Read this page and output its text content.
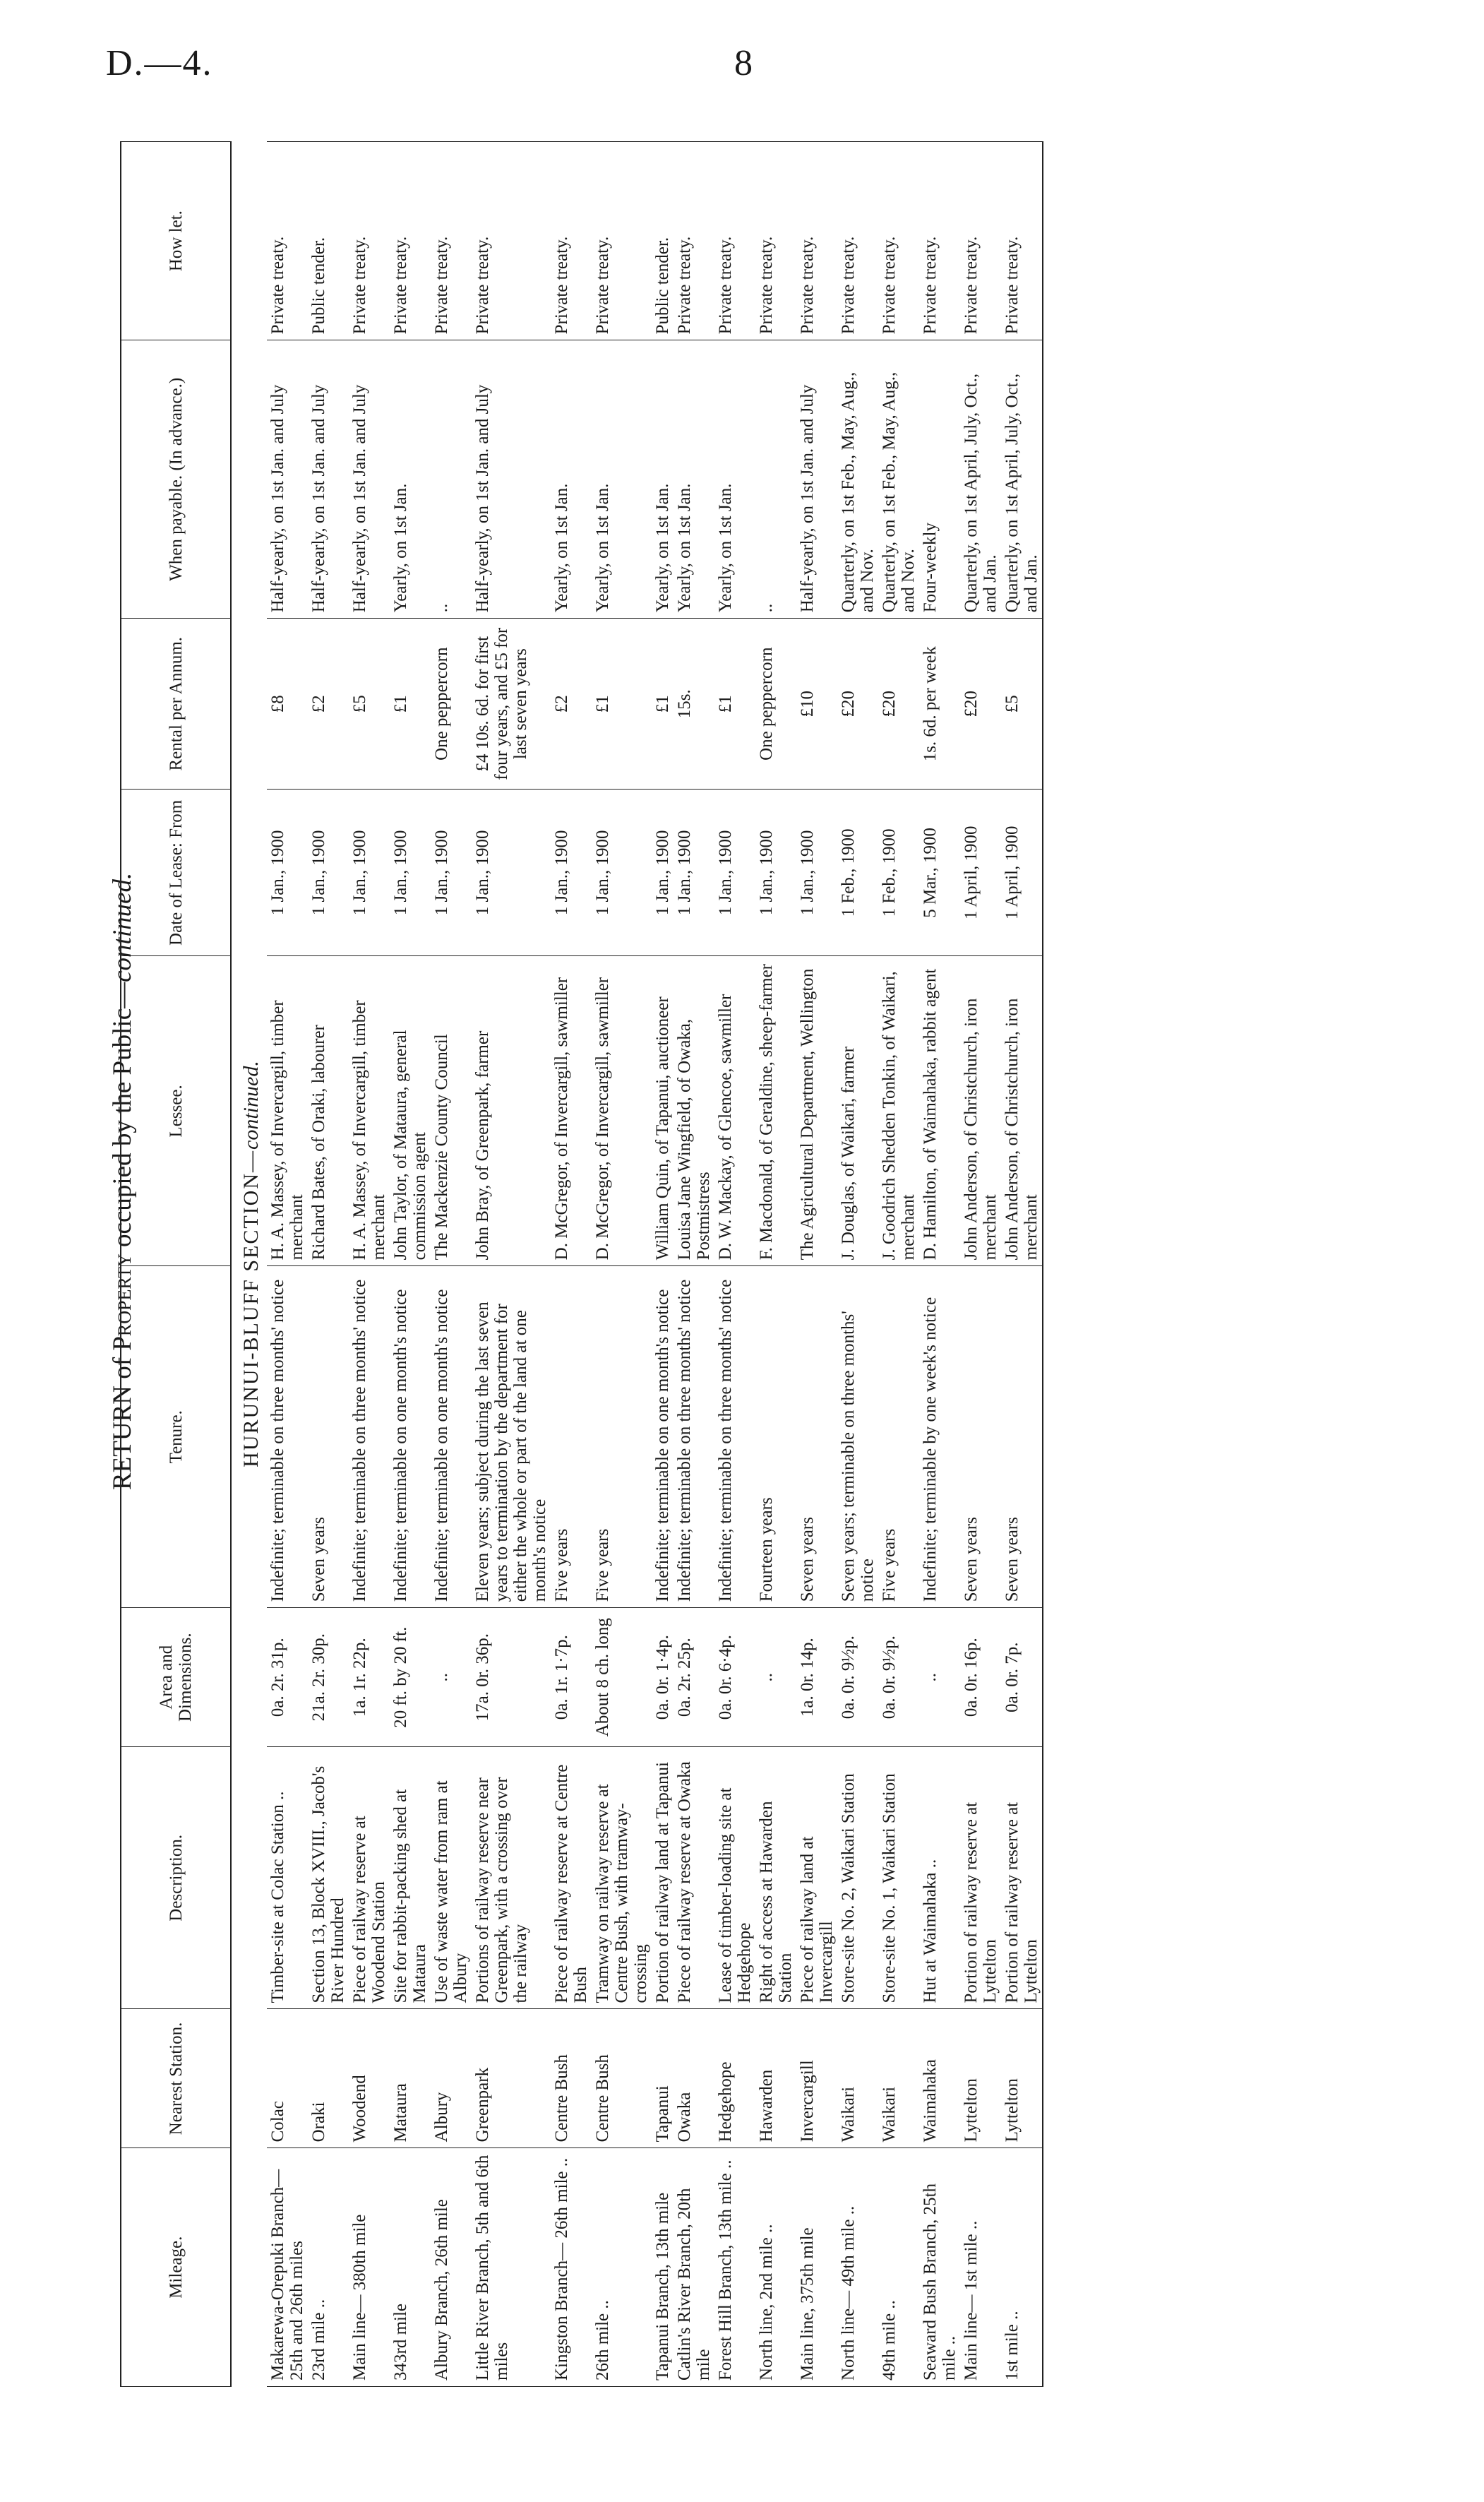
D.—4.	8
RETURN of Property occupied by the Public—continued.
Mileage.	Nearest Station.	Description.	Area and Dimensions.	Tenure.	Lessee.	Date of Lease: From	Rental per Annum.	When payable. (In advance.)	How let.
HURUNUI-BLUFF SECTION—continued.									
Makarewa-Orepuki Branch— 25th and 26th miles	Colac	Timber-site at Colac Station ..	0a. 2r. 31p.	Indefinite; terminable on three months' notice	H. A. Massey, of Invercargill, timber merchant	1 Jan., 1900	£8	Half-yearly, on 1st Jan. and July	Private treaty.
23rd mile ..	Oraki	Section 13, Block XVIII., Jacob's River Hundred	21a. 2r. 30p.	Seven years	Richard Bates, of Oraki, labourer	1 Jan., 1900	£2	Half-yearly, on 1st Jan. and July	Public tender.
Main line— 380th mile	Woodend	Piece of railway reserve at Woodend Station	1a. 1r. 22p.	Indefinite; terminable on three months' notice	H. A. Massey, of Invercargill, timber merchant	1 Jan., 1900	£5	Half-yearly, on 1st Jan. and July	Private treaty.
343rd mile	Mataura	Site for rabbit-packing shed at Mataura	20 ft. by 20 ft.	Indefinite; terminable on one month's notice	John Taylor, of Mataura, general commission agent	1 Jan., 1900	£1	Yearly, on 1st Jan.	Private treaty.
Albury Branch, 26th mile	Albury	Use of waste water from ram at Albury	..	Indefinite; terminable on one month's notice	The Mackenzie County Council	1 Jan., 1900	One peppercorn	..	Private treaty.
Little River Branch, 5th and 6th miles	Greenpark	Portions of railway reserve near Greenpark, with a crossing over the railway	17a. 0r. 36p.	Eleven years; subject during the last seven years to termination by the department for either the whole or part of the land at one month's notice	John Bray, of Greenpark, farmer	1 Jan., 1900	£4 10s. 6d. for first four years, and £5 for last seven years	Half-yearly, on 1st Jan. and July	Private treaty.
Kingston Branch— 26th mile ..	Centre Bush	Piece of railway reserve at Centre Bush	0a. 1r. 1·7p.	Five years	D. McGregor, of Invercargill, sawmiller	1 Jan., 1900	£2	Yearly, on 1st Jan.	Private treaty.
26th mile ..	Centre Bush	Tramway on railway reserve at Centre Bush, with tramway-crossing	About 8 ch. long	Five years	D. McGregor, of Invercargill, sawmiller	1 Jan., 1900	£1	Yearly, on 1st Jan.	Private treaty.
Tapanui Branch, 13th mile	Tapanui	Portion of railway land at Tapanui	0a. 0r. 1·4p.	Indefinite; terminable on one month's notice	William Quin, of Tapanui, auctioneer	1 Jan., 1900	£1	Yearly, on 1st Jan.	Public tender.
Catlin's River Branch, 20th mile	Owaka	Piece of railway reserve at Owaka	0a. 2r. 25p.	Indefinite; terminable on three months' notice	Louisa Jane Wingfield, of Owaka, Postmistress	1 Jan., 1900	15s.	Yearly, on 1st Jan.	Private treaty.
Forest Hill Branch, 13th mile ..	Hedgehope	Lease of timber-loading site at Hedgehope	0a. 0r. 6·4p.	Indefinite; terminable on three months' notice	D. W. Mackay, of Glencoe, sawmiller	1 Jan., 1900	£1	Yearly, on 1st Jan.	Private treaty.
North line, 2nd mile ..	Hawarden	Right of access at Hawarden Station	..	Fourteen years	F. Macdonald, of Geraldine, sheep-farmer	1 Jan., 1900	One peppercorn	..	Private treaty.
Main line, 375th mile	Invercargill	Piece of railway land at Invercargill	1a. 0r. 14p.	Seven years	The Agricultural Department, Wellington	1 Jan., 1900	£10	Half-yearly, on 1st Jan. and July	Private treaty.
North line— 49th mile ..	Waikari	Store-site No. 2, Waikari Station	0a. 0r. 9½p.	Seven years; terminable on three months' notice	J. Douglas, of Waikari, farmer	1 Feb., 1900	£20	Quarterly, on 1st Feb., May, Aug., and Nov.	Private treaty.
49th mile ..	Waikari	Store-site No. 1, Waikari Station	0a. 0r. 9½p.	Five years	J. Goodrich Shedden Tonkin, of Waikari, merchant	1 Feb., 1900	£20	Quarterly, on 1st Feb., May, Aug., and Nov.	Private treaty.
Seaward Bush Branch, 25th mile ..	Waimahaka	Hut at Waimahaka ..	..	Indefinite; terminable by one week's notice	D. Hamilton, of Waimahaka, rabbit agent	5 Mar., 1900	1s. 6d. per week	Four-weekly	Private treaty.
Main line— 1st mile ..	Lyttelton	Portion of railway reserve at Lyttelton	0a. 0r. 16p.	Seven years	John Anderson, of Christchurch, iron merchant	1 April, 1900	£20	Quarterly, on 1st April, July, Oct., and Jan.	Private treaty.
1st mile ..	Lyttelton	Portion of railway reserve at Lyttelton	0a. 0r. 7p.	Seven years	John Anderson, of Christchurch, iron merchant	1 April, 1900	£5	Quarterly, on 1st April, July, Oct., and Jan.	Private treaty.
